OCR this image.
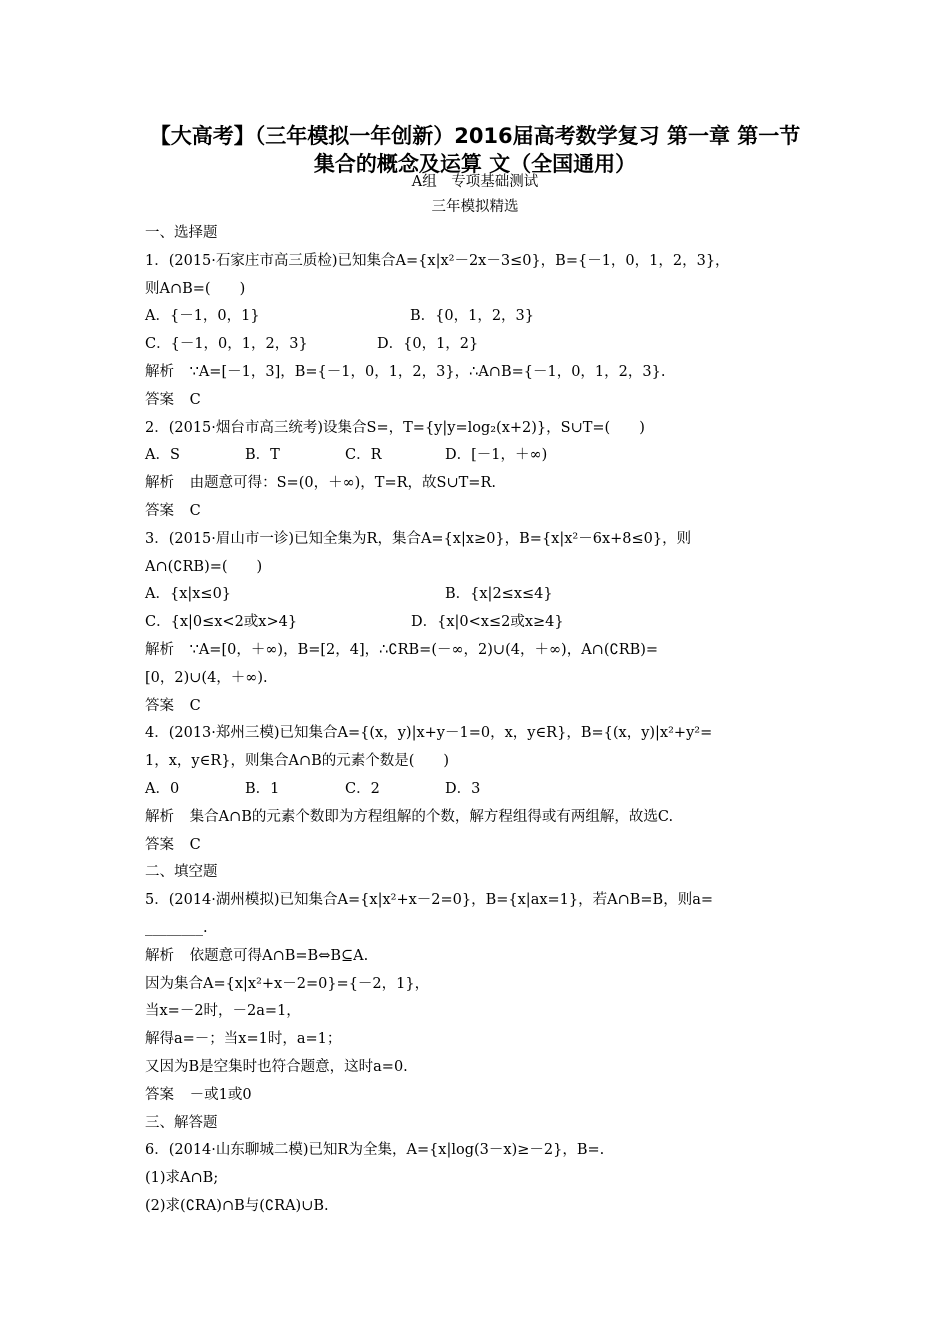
【大高考】（三年模拟一年创新）2016届高考数学复习 第一章 第一节 集合的概念及运算 文（全国通用）
A组　专项基础测试
三年模拟精选
一、选择题
1．(2015·石家庄市高三质检)已知集合A={x|x²－2x－3≤0}，B={－1，0，1，2，3}，
则A∩B=(　　)
A．{－1，0，1}	B．{0，1，2，3}
C．{－1，0，1，2，3}	D．{0，1，2}
解析 ∵A=[－1，3]，B={－1，0，1，2，3}，∴A∩B={－1，0，1，2，3}.
答案 C
2．(2015·烟台市高三统考)设集合S=，T={y|y=log₂(x+2)}，S∪T=(　　)
A．S	B．T	C．R	D．[－1，＋∞)
解析 由题意可得：S=(0，＋∞)，T=R，故S∪T=R.
答案 C
3．(2015·眉山市一诊)已知全集为R，集合A={x|x≥0}，B={x|x²－6x+8≤0}，则
A∩(∁RB)=(　　)
A．{x|x≤0}	B．{x|2≤x≤4}
C．{x|0≤x<2或x>4}	D．{x|0<x≤2或x≥4}
解析 ∵A=[0，＋∞)，B=[2，4]，∴∁RB=(－∞，2)∪(4，＋∞)，A∩(∁RB)=
[0，2)∪(4，＋∞).
答案 C
4．(2013·郑州三模)已知集合A={(x，y)|x+y－1=0，x，y∈R}，B={(x，y)|x²+y²=
1，x，y∈R}，则集合A∩B的元素个数是(　　)
A．0	B．1	C．2	D．3
解析 集合A∩B的元素个数即为方程组解的个数，解方程组得或有两组解，故选C.
答案 C
二、填空题
5．(2014·湖州模拟)已知集合A={x|x²+x－2=0}，B={x|ax=1}，若A∩B=B，则a=
________.
解析 依题意可得A∩B=B⇔B⊆A.
因为集合A={x|x²+x－2=0}={－2，1}，
当x=－2时，－2a=1，
解得a=－；当x=1时，a=1；
又因为B是空集时也符合题意，这时a=0.
答案 －或1或0
三、解答题
6．(2014·山东聊城二模)已知R为全集，A={x|log(3－x)≥－2}，B=.
(1)求A∩B;
(2)求(∁RA)∩B与(∁RA)∪B.
